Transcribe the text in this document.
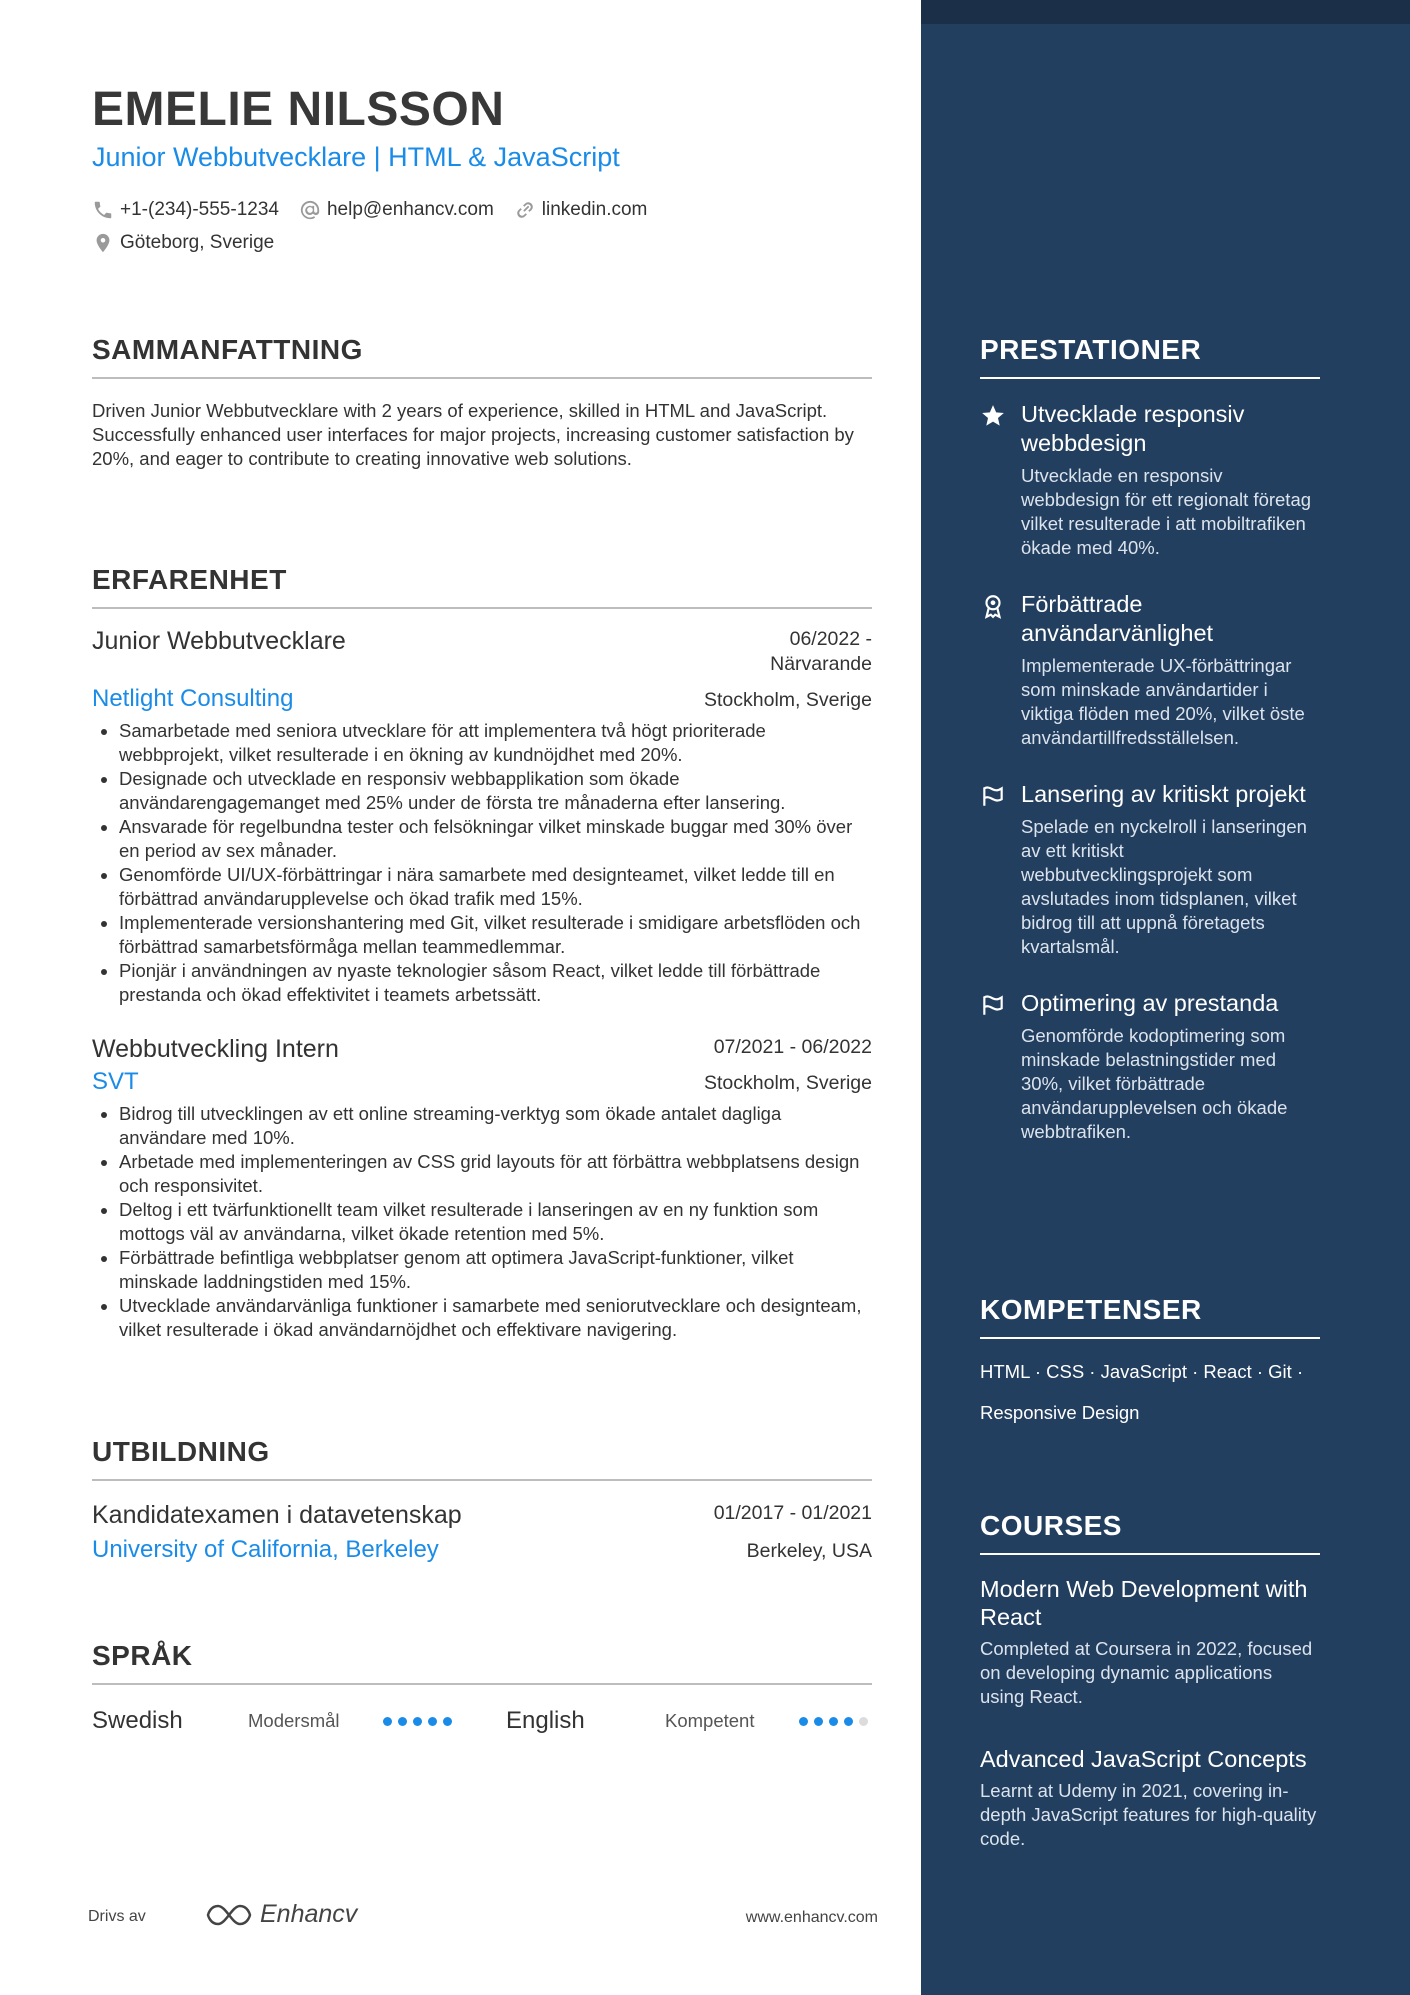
EMELIE NILSSON
Junior Webbutvecklare | HTML & JavaScript
+1-(234)-555-1234	help@enhancv.com	linkedin.com
Göteborg, Sverige
SAMMANFATTNING

Driven Junior Webbutvecklare with 2 years of experience, skilled in HTML and JavaScript. Successfully enhanced user interfaces for major projects, increasing customer satisfaction by 20%, and eager to contribute to creating innovative web solutions.

ERFARENHET
Junior Webbutvecklare	06/2022 - Närvarande
Netlight Consulting	Stockholm, Sverige
• Samarbetade med seniora utvecklare för att implementera två högt prioriterade webbprojekt, vilket resulterade i en ökning av kundnöjdhet med 20%.
• Designade och utvecklade en responsiv webbapplikation som ökade användarengagemanget med 25% under de första tre månaderna efter lansering.
• Ansvarade för regelbundna tester och felsökningar vilket minskade buggar med 30% över en period av sex månader.
• Genomförde UI/UX-förbättringar i nära samarbete med designteamet, vilket ledde till en förbättrad användarupplevelse och ökad trafik med 15%.
• Implementerade versionshantering med Git, vilket resulterade i smidigare arbetsflöden och förbättrad samarbetsförmåga mellan teammedlemmar.
• Pionjär i användningen av nyaste teknologier såsom React, vilket ledde till förbättrade prestanda och ökad effektivitet i teamets arbetssätt.
Webbutveckling Intern	07/2021 - 06/2022
SVT	Stockholm, Sverige
• Bidrog till utvecklingen av ett online streaming-verktyg som ökade antalet dagliga användare med 10%.
• Arbetade med implementeringen av CSS grid layouts för att förbättra webbplatsens design och responsivitet.
• Deltog i ett tvärfunktionellt team vilket resulterade i lanseringen av en ny funktion som mottogs väl av användarna, vilket ökade retention med 5%.
• Förbättrade befintliga webbplatser genom att optimera JavaScript-funktioner, vilket minskade laddningstiden med 15%.
• Utvecklade användarvänliga funktioner i samarbete med seniorutvecklare och designteam, vilket resulterade i ökad användarnöjdhet och effektivare navigering.
UTBILDNING
Kandidatexamen i datavetenskap	01/2017 - 01/2021
University of California, Berkeley	Berkeley, USA
SPRÅK
Swedish	Modersmål	English	Kompetent
Drivs av	Enhancv	www.enhancv.com
PRESTATIONER
Utvecklade responsiv webbdesign
Utvecklade en responsiv webbdesign för ett regionalt företag vilket resulterade i att mobiltrafiken ökade med 40%.
Förbättrade användarvänlighet
Implementerade UX-förbättringar som minskade användartider i viktiga flöden med 20%, vilket öste användartillfredsställelsen.
Lansering av kritiskt projekt
Spelade en nyckelroll i lanseringen av ett kritiskt webbutvecklingsprojekt som avslutades inom tidsplanen, vilket bidrog till att uppnå företagets kvartalsmål.
Optimering av prestanda
Genomförde kodoptimering som minskade belastningstider med 30%, vilket förbättrade användarupplevelsen och ökade webbtrafiken.
KOMPETENSER
HTML · CSS · JavaScript · React · Git ·
Responsive Design
COURSES
Modern Web Development with React
Completed at Coursera in 2022, focused on developing dynamic applications using React.
Advanced JavaScript Concepts
Learnt at Udemy in 2021, covering in-depth JavaScript features for high-quality code.
